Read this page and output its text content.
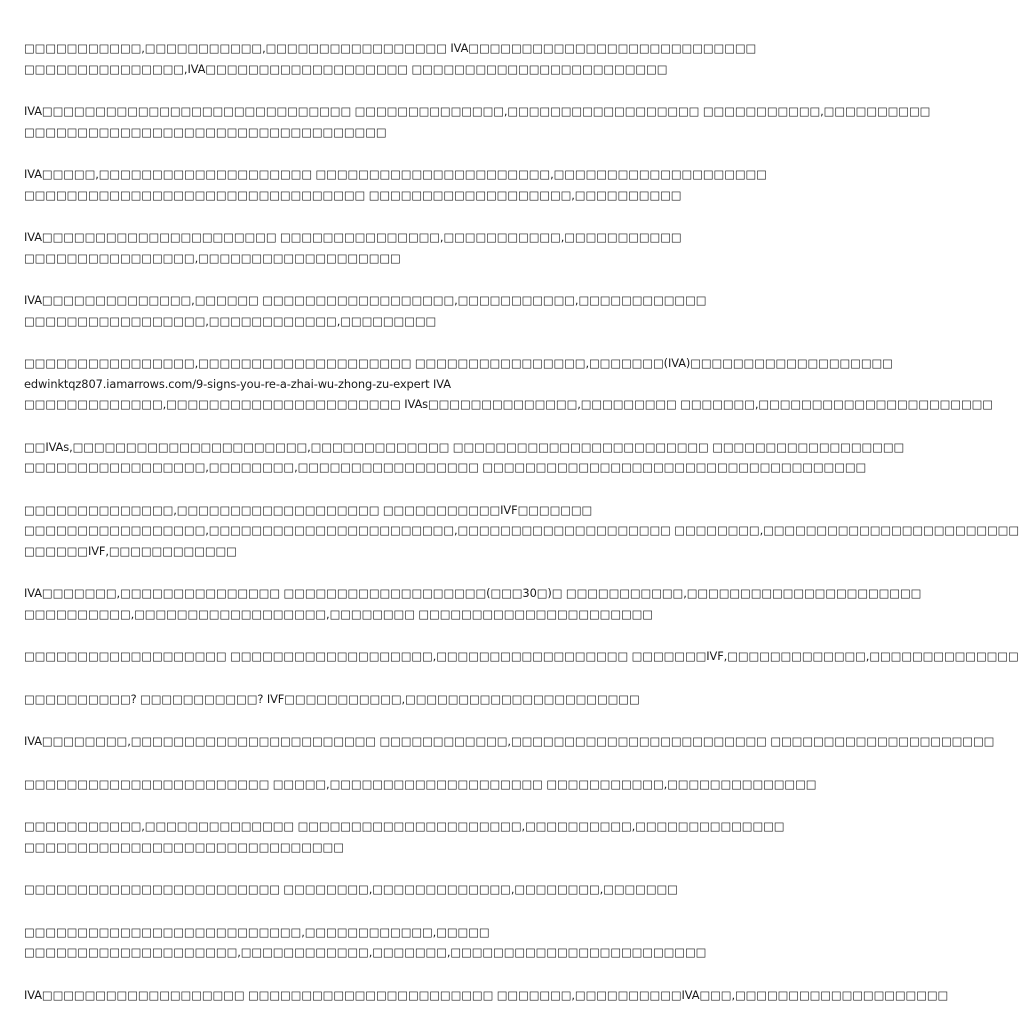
□□□□□□□□□□□,□□□□□□□□□□□,□□□□□□□□□□□□□□□□□ IVA□□□□□□□□□□□□□□□□□□□□□□□□□□□
□□□□□□□□□□□□□□□,IVA□□□□□□□□□□□□□□□□□□□ □□□□□□□□□□□□□□□□□□□□□□□□
IVA□□□□□□□□□□□□□□□□□□□□□□□□□□□□□ □□□□□□□□□□□□□□,□□□□□□□□□□□□□□□□□□ □□□□□□□□□□□,□□□□□□□□□□
□□□□□□□□□□□□□□□□□□□□□□□□□□□□□□□□□□
IVA□□□□□,□□□□□□□□□□□□□□□□□□□□ □□□□□□□□□□□□□□□□□□□□□□,□□□□□□□□□□□□□□□□□□□□
□□□□□□□□□□□□□□□□□□□□□□□□□□□□□□□□ □□□□□□□□□□□□□□□□□□□,□□□□□□□□□□
IVA□□□□□□□□□□□□□□□□□□□□□□ □□□□□□□□□□□□□□□,□□□□□□□□□□□,□□□□□□□□□□□
□□□□□□□□□□□□□□□□,□□□□□□□□□□□□□□□□□□□
IVA□□□□□□□□□□□□□□,□□□□□□ □□□□□□□□□□□□□□□□□□,□□□□□□□□□□□,□□□□□□□□□□□□
□□□□□□□□□□□□□□□□□,□□□□□□□□□□□□,□□□□□□□□□
□□□□□□□□□□□□□□□□,□□□□□□□□□□□□□□□□□□□□ □□□□□□□□□□□□□□□□,□□□□□□□(IVA)□□□□□□□□□□□□□□□□□□□
edwinktqz807.iamarrows.com/9-signs-you-re-a-zhai-wu-zhong-zu-expert IVA
□□□□□□□□□□□□□,□□□□□□□□□□□□□□□□□□□□□□ IVAs□□□□□□□□□□□□□□,□□□□□□□□□ □□□□□□□,□□□□□□□□□□□□□□□□□□□□□□
□□IVAs,□□□□□□□□□□□□□□□□□□□□□□,□□□□□□□□□□□□□ □□□□□□□□□□□□□□□□□□□□□□□□ □□□□□□□□□□□□□□□□□□
□□□□□□□□□□□□□□□□□,□□□□□□□□,□□□□□□□□□□□□□□□□□ □□□□□□□□□□□□□□□□□□□□□□□□□□□□□□□□□□□□
□□□□□□□□□□□□□□,□□□□□□□□□□□□□□□□□□□ □□□□□□□□□□□IVF□□□□□□□
□□□□□□□□□□□□□□□□□,□□□□□□□□□□□□□□□□□□□□□□□,□□□□□□□□□□□□□□□□□□□□ □□□□□□□□,□□□□□□□□□□□□□□□□□□□□□□□□
□□□□□□IVF,□□□□□□□□□□□□
IVA□□□□□□□,□□□□□□□□□□□□□□□ □□□□□□□□□□□□□□□□□□□(□□□30□)□ □□□□□□□□□□□,□□□□□□□□□□□□□□□□□□□□□□
□□□□□□□□□□,□□□□□□□□□□□□□□□□□□,□□□□□□□□ □□□□□□□□□□□□□□□□□□□□□□
□□□□□□□□□□□□□□□□□□□ □□□□□□□□□□□□□□□□□□□,□□□□□□□□□□□□□□□□□□ □□□□□□□IVF,□□□□□□□□□□□□□,□□□□□□□□□□□□□□
□□□□□□□□□□? □□□□□□□□□□□? IVF□□□□□□□□□□□,□□□□□□□□□□□□□□□□□□□□□□
IVA□□□□□□□□,□□□□□□□□□□□□□□□□□□□□□□□ □□□□□□□□□□□□,□□□□□□□□□□□□□□□□□□□□□□□□ □□□□□□□□□□□□□□□□□□□□□
□□□□□□□□□□□□□□□□□□□□□□□ □□□□□,□□□□□□□□□□□□□□□□□□□□ □□□□□□□□□□□,□□□□□□□□□□□□□□
□□□□□□□□□□□,□□□□□□□□□□□□□□ □□□□□□□□□□□□□□□□□□□□□,□□□□□□□□□□,□□□□□□□□□□□□□□
□□□□□□□□□□□□□□□□□□□□□□□□□□□□□□
□□□□□□□□□□□□□□□□□□□□□□□□ □□□□□□□□,□□□□□□□□□□□□□,□□□□□□□□,□□□□□□□
□□□□□□□□□□□□□□□□□□□□□□□□□□,□□□□□□□□□□□□,□□□□□
□□□□□□□□□□□□□□□□□□□□,□□□□□□□□□□□□,□□□□□□□,□□□□□□□□□□□□□□□□□□□□□□□□
IVA□□□□□□□□□□□□□□□□□□□ □□□□□□□□□□□□□□□□□□□□□□□ □□□□□□□,□□□□□□□□□□IVA□□□,□□□□□□□□□□□□□□□□□□□□
